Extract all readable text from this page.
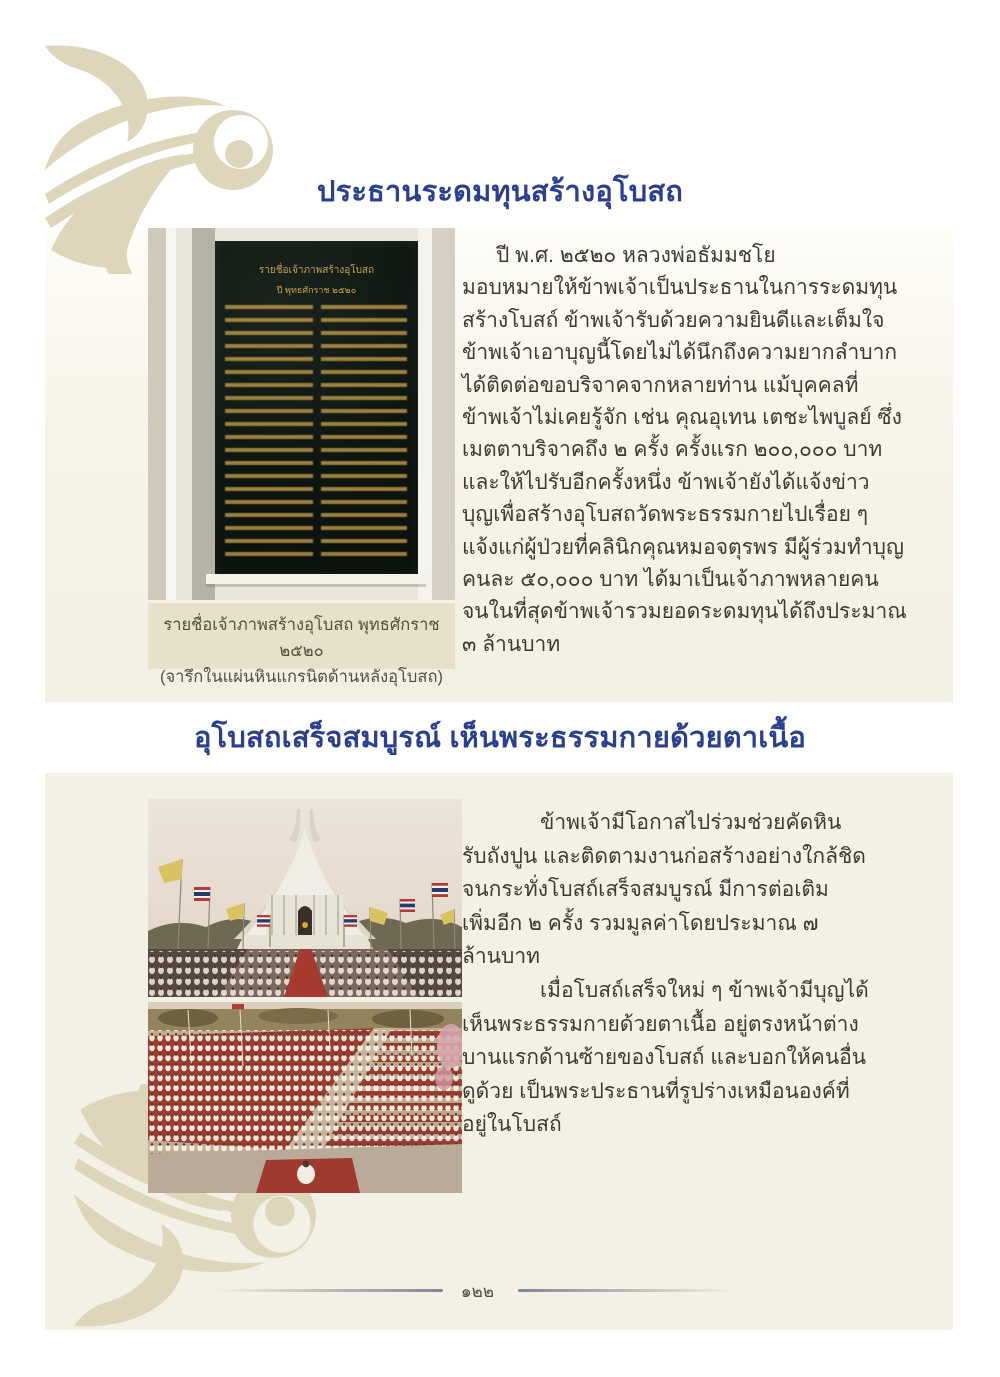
ประธานระดมทุนสร้างอุโบสถ
รายชื่อเจ้าภาพสร้างอุโบสถ
ปี พุทธศักราช ๒๕๒๐
รายชื่อเจ้าภาพสร้างอุโบสถ พุทธศักราช ๒๕๒๐
(จารึกในแผ่นหินแกรนิตด้านหลังอุโบสถ)
ปี พ.ศ. ๒๕๒๐ หลวงพ่อธัมมชโย
มอบหมายให้ข้าพเจ้าเป็นประธานในการระดมทุน
สร้างโบสถ์ ข้าพเจ้ารับด้วยความยินดีและเต็มใจ
ข้าพเจ้าเอาบุญนี้โดยไม่ได้นึกถึงความยากลำบาก
ได้ติดต่อขอบริจาคจากหลายท่าน แม้บุคคลที่
ข้าพเจ้าไม่เคยรู้จัก เช่น คุณอุเทน เตชะไพบูลย์ ซึ่ง
เมตตาบริจาคถึง ๒ ครั้ง ครั้งแรก ๒๐๐,๐๐๐ บาท
และให้ไปรับอีกครั้งหนึ่ง ข้าพเจ้ายังได้แจ้งข่าว
บุญเพื่อสร้างอุโบสถวัดพระธรรมกายไปเรื่อย ๆ
แจ้งแก่ผู้ป่วยที่คลินิกคุณหมอจตุรพร มีผู้ร่วมทำบุญ
คนละ ๕๐,๐๐๐ บาท ได้มาเป็นเจ้าภาพหลายคน
จนในที่สุดข้าพเจ้ารวมยอดระดมทุนได้ถึงประมาณ
๓ ล้านบาท
อุโบสถเสร็จสมบูรณ์ เห็นพระธรรมกายด้วยตาเนื้อ
ข้าพเจ้ามีโอกาสไปร่วมช่วยคัดหิน
รับถังปูน และติดตามงานก่อสร้างอย่างใกล้ชิด
จนกระทั่งโบสถ์เสร็จสมบูรณ์ มีการต่อเติม
เพิ่มอีก ๒ ครั้ง รวมมูลค่าโดยประมาณ ๗
ล้านบาท
เมื่อโบสถ์เสร็จใหม่ ๆ ข้าพเจ้ามีบุญได้
เห็นพระธรรมกายด้วยตาเนื้อ อยู่ตรงหน้าต่าง
บานแรกด้านซ้ายของโบสถ์ และบอกให้คนอื่น
ดูด้วย เป็นพระประธานที่รูปร่างเหมือนองค์ที่
อยู่ในโบสถ์
๑๒๒
